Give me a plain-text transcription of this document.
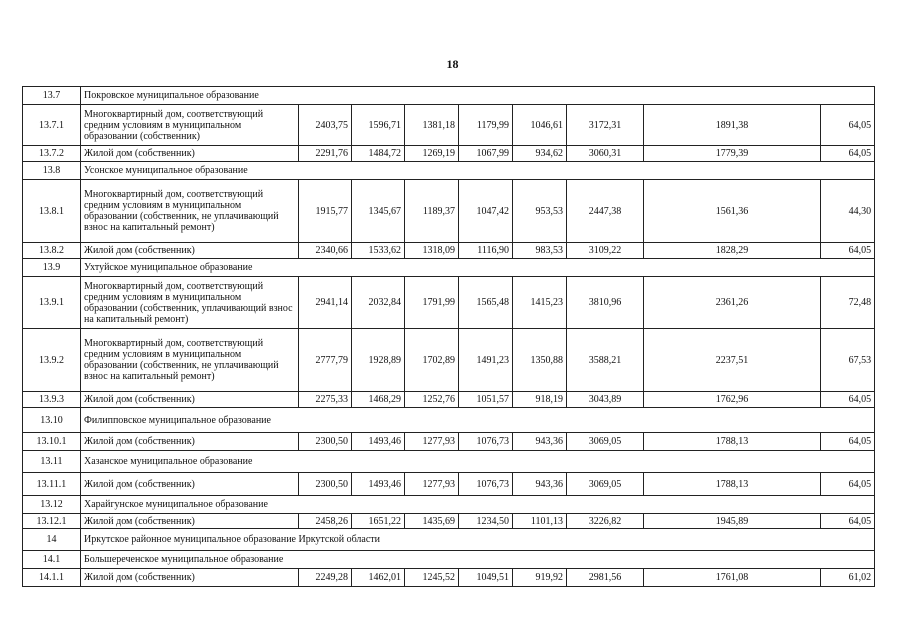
18
13.7	Покровское муниципальное образование								
13.7.1	Многоквартирный дом, соответствующий средним условиям в муниципальном образовании (собственник)	2403,75	1596,71	1381,18	1179,99	1046,61	3172,31	1891,38	64,05
13.7.2	Жилой дом (собственник)	2291,76	1484,72	1269,19	1067,99	934,62	3060,31	1779,39	64,05
13.8	Усонское муниципальное образование								
13.8.1	Многоквартирный дом, соответствующий средним условиям в муниципальном образовании (собственник, не уплачивающий взнос на капитальный ремонт)	1915,77	1345,67	1189,37	1047,42	953,53	2447,38	1561,36	44,30
13.8.2	Жилой дом (собственник)	2340,66	1533,62	1318,09	1116,90	983,53	3109,22	1828,29	64,05
13.9	Ухтуйское муниципальное образование								
13.9.1	Многоквартирный дом, соответствующий средним условиям в муниципальном образовании (собственник, уплачивающий взнос на капитальный ремонт)	2941,14	2032,84	1791,99	1565,48	1415,23	3810,96	2361,26	72,48
13.9.2	Многоквартирный дом, соответствующий средним условиям в муниципальном образовании (собственник, не уплачивающий взнос на капитальный ремонт)	2777,79	1928,89	1702,89	1491,23	1350,88	3588,21	2237,51	67,53
13.9.3	Жилой дом (собственник)	2275,33	1468,29	1252,76	1051,57	918,19	3043,89	1762,96	64,05
13.10	Филипповское муниципальное образование								
13.10.1	Жилой дом (собственник)	2300,50	1493,46	1277,93	1076,73	943,36	3069,05	1788,13	64,05
13.11	Хазанское муниципальное образование								
13.11.1	Жилой дом (собственник)	2300,50	1493,46	1277,93	1076,73	943,36	3069,05	1788,13	64,05
13.12	Харайгунское муниципальное образование								
13.12.1	Жилой дом (собственник)	2458,26	1651,22	1435,69	1234,50	1101,13	3226,82	1945,89	64,05
14	Иркутское районное муниципальное образование Иркутской области								
14.1	Большереченское муниципальное образование								
14.1.1	Жилой дом (собственник)	2249,28	1462,01	1245,52	1049,51	919,92	2981,56	1761,08	61,02
